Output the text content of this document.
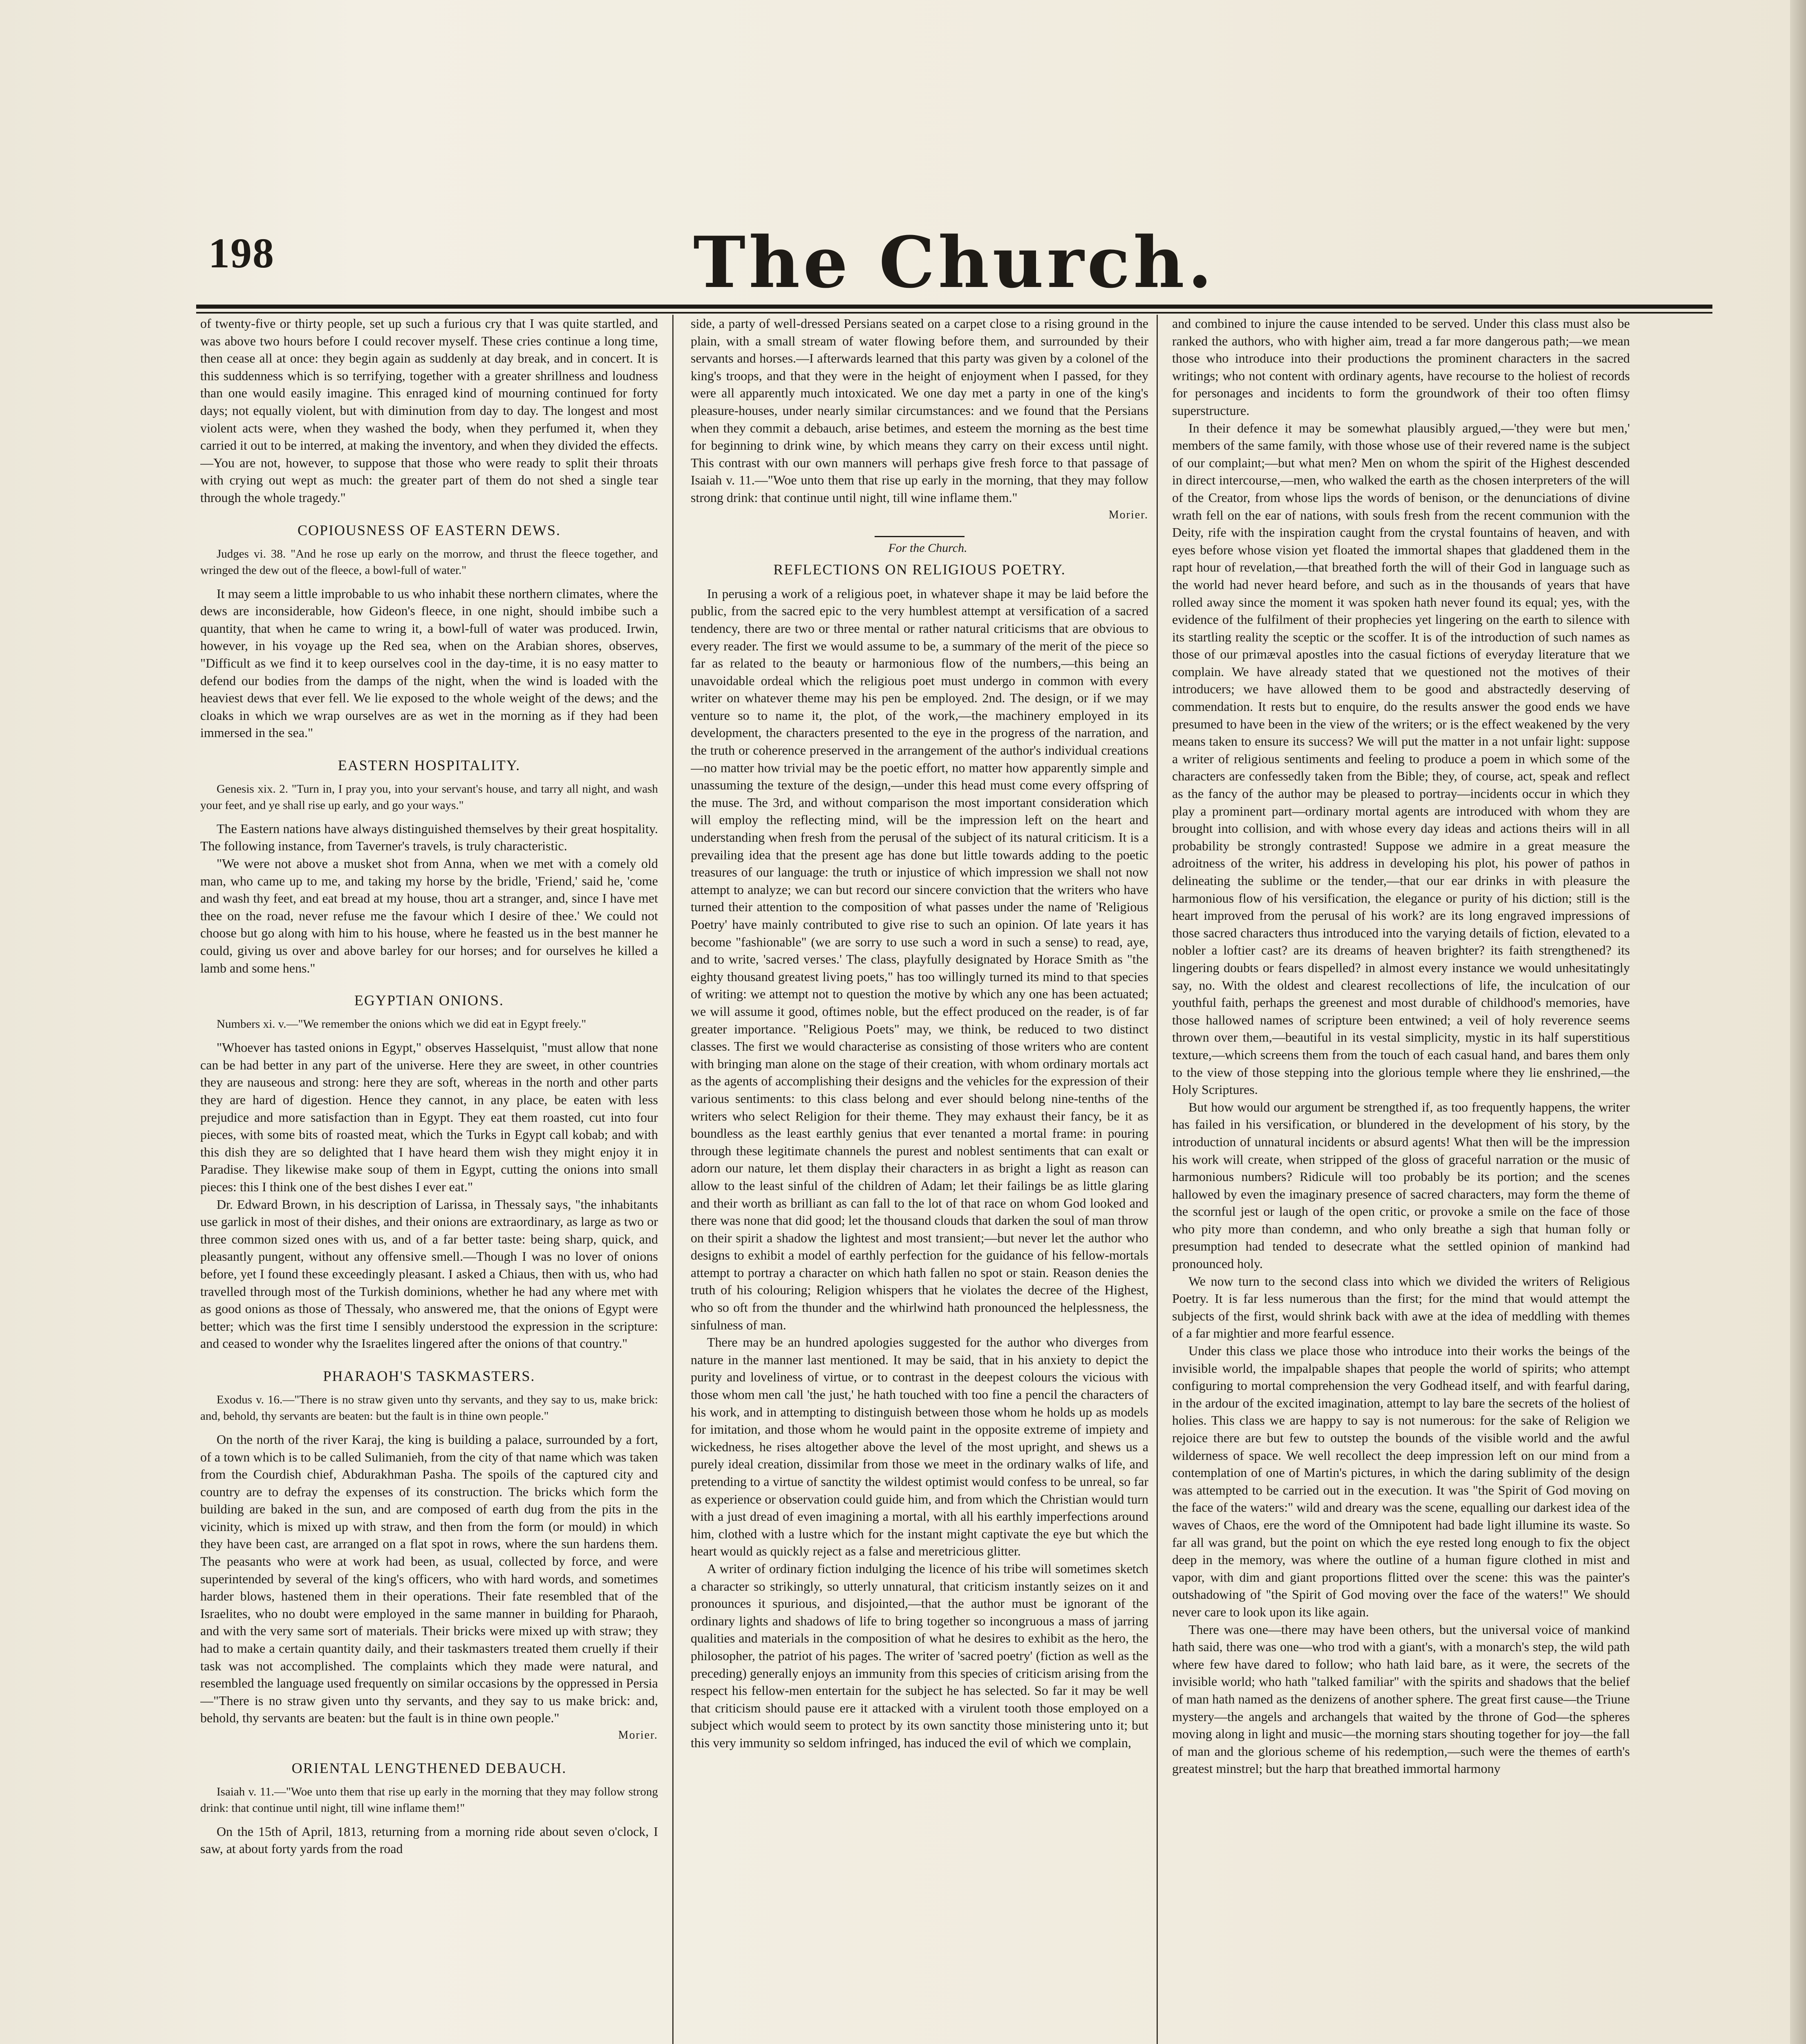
198	The Church.

of twenty-five or thirty people, set up such a furious cry that I was quite startled, and was above two hours before I could recover myself. These cries continue a long time, then cease all at once: they begin again as suddenly at day break, and in concert. It is this suddenness which is so terrifying, together with a greater shrillness and loudness than one would easily imagine. This enraged kind of mourning continued for forty days; not equally violent, but with diminution from day to day. The longest and most violent acts were, when they washed the body, when they perfumed it, when they carried it out to be interred, at making the inventory, and when they divided the effects.—You are not, however, to suppose that those who were ready to split their throats with crying out wept as much: the greater part of them do not shed a single tear through the whole tragedy."

COPIOUSNESS OF EASTERN DEWS.

Judges vi. 38. "And he rose up early on the morrow, and thrust the fleece together, and wringed the dew out of the fleece, a bowl-full of water."

It may seem a little improbable to us who inhabit these northern climates, where the dews are inconsiderable, how Gideon's fleece, in one night, should imbibe such a quantity, that when he came to wring it, a bowl-full of water was produced. Irwin, however, in his voyage up the Red sea, when on the Arabian shores, observes, "Difficult as we find it to keep ourselves cool in the day-time, it is no easy matter to defend our bodies from the damps of the night, when the wind is loaded with the heaviest dews that ever fell. We lie exposed to the whole weight of the dews; and the cloaks in which we wrap ourselves are as wet in the morning as if they had been immersed in the sea."

EASTERN HOSPITALITY.

Genesis xix. 2. "Turn in, I pray you, into your servant's house, and tarry all night, and wash your feet, and ye shall rise up early, and go your ways."

The Eastern nations have always distinguished themselves by their great hospitality. The following instance, from Taverner's travels, is truly characteristic.

"We were not above a musket shot from Anna, when we met with a comely old man, who came up to me, and taking my horse by the bridle, 'Friend,' said he, 'come and wash thy feet, and eat bread at my house, thou art a stranger, and, since I have met thee on the road, never refuse me the favour which I desire of thee.' We could not choose but go along with him to his house, where he feasted us in the best manner he could, giving us over and above barley for our horses; and for ourselves he killed a lamb and some hens."

EGYPTIAN ONIONS.

Numbers xi. v.—"We remember the onions which we did eat in Egypt freely."

"Whoever has tasted onions in Egypt," observes Hasselquist, "must allow that none can be had better in any part of the universe. Here they are sweet, in other countries they are nauseous and strong: here they are soft, whereas in the north and other parts they are hard of digestion. Hence they cannot, in any place, be eaten with less prejudice and more satisfaction than in Egypt. They eat them roasted, cut into four pieces, with some bits of roasted meat, which the Turks in Egypt call kobab; and with this dish they are so delighted that I have heard them wish they might enjoy it in Paradise. They likewise make soup of them in Egypt, cutting the onions into small pieces: this I think one of the best dishes I ever eat."

Dr. Edward Brown, in his description of Larissa, in Thessaly says, "the inhabitants use garlick in most of their dishes, and their onions are extraordinary, as large as two or three common sized ones with us, and of a far better taste: being sharp, quick, and pleasantly pungent, without any offensive smell.—Though I was no lover of onions before, yet I found these exceedingly pleasant. I asked a Chiaus, then with us, who had travelled through most of the Turkish dominions, whether he had any where met with as good onions as those of Thessaly, who answered me, that the onions of Egypt were better; which was the first time I sensibly understood the expression in the scripture: and ceased to wonder why the Israelites lingered after the onions of that country."

PHARAOH'S TASKMASTERS.

Exodus v. 16.—"There is no straw given unto thy servants, and they say to us, make brick: and, behold, thy servants are beaten: but the fault is in thine own people."

On the north of the river Karaj, the king is building a palace, surrounded by a fort, of a town which is to be called Sulimanieh, from the city of that name which was taken from the Courdish chief, Abdurakhman Pasha. The spoils of the captured city and country are to defray the expenses of its construction. The bricks which form the building are baked in the sun, and are composed of earth dug from the pits in the vicinity, which is mixed up with straw, and then from the form (or mould) in which they have been cast, are arranged on a flat spot in rows, where the sun hardens them. The peasants who were at work had been, as usual, collected by force, and were superintended by several of the king's officers, who with hard words, and sometimes harder blows, hastened them in their operations. Their fate resembled that of the Israelites, who no doubt were employed in the same manner in building for Pharaoh, and with the very same sort of materials. Their bricks were mixed up with straw; they had to make a certain quantity daily, and their taskmasters treated them cruelly if their task was not accomplished. The complaints which they made were natural, and resembled the language used frequently on similar occasions by the oppressed in Persia—"There is no straw given unto thy servants, and they say to us make brick: and, behold, thy servants are beaten: but the fault is in thine own people."

Morier.

ORIENTAL LENGTHENED DEBAUCH.

Isaiah v. 11.—"Woe unto them that rise up early in the morning that they may follow strong drink: that continue until night, till wine inflame them!"

On the 15th of April, 1813, returning from a morning ride about seven o'clock, I saw, at about forty yards from the road

side, a party of well-dressed Persians seated on a carpet close to a rising ground in the plain, with a small stream of water flowing before them, and surrounded by their servants and horses.—I afterwards learned that this party was given by a colonel of the king's troops, and that they were in the height of enjoyment when I passed, for they were all apparently much intoxicated. We one day met a party in one of the king's pleasure-houses, under nearly similar circumstances: and we found that the Persians when they commit a debauch, arise betimes, and esteem the morning as the best time for beginning to drink wine, by which means they carry on their excess until night. This contrast with our own manners will perhaps give fresh force to that passage of Isaiah v. 11.—"Woe unto them that rise up early in the morning, that they may follow strong drink: that continue until night, till wine inflame them."

Morier.

For the Church.

REFLECTIONS ON RELIGIOUS POETRY.

In perusing a work of a religious poet, in whatever shape it may be laid before the public, from the sacred epic to the very humblest attempt at versification of a sacred tendency, there are two or three mental or rather natural criticisms that are obvious to every reader. The first we would assume to be, a summary of the merit of the piece so far as related to the beauty or harmonious flow of the numbers,—this being an unavoidable ordeal which the religious poet must undergo in common with every writer on whatever theme may his pen be employed. 2nd. The design, or if we may venture so to name it, the plot, of the work,—the machinery employed in its development, the characters presented to the eye in the progress of the narration, and the truth or coherence preserved in the arrangement of the author's individual creations—no matter how trivial may be the poetic effort, no matter how apparently simple and unassuming the texture of the design,—under this head must come every offspring of the muse. The 3rd, and without comparison the most important consideration which will employ the reflecting mind, will be the impression left on the heart and understanding when fresh from the perusal of the subject of its natural criticism. It is a prevailing idea that the present age has done but little towards adding to the poetic treasures of our language: the truth or injustice of which impression we shall not now attempt to analyze; we can but record our sincere conviction that the writers who have turned their attention to the composition of what passes under the name of 'Religious Poetry' have mainly contributed to give rise to such an opinion. Of late years it has become "fashionable" (we are sorry to use such a word in such a sense) to read, aye, and to write, 'sacred verses.' The class, playfully designated by Horace Smith as "the eighty thousand greatest living poets," has too willingly turned its mind to that species of writing: we attempt not to question the motive by which any one has been actuated; we will assume it good, oftimes noble, but the effect produced on the reader, is of far greater importance. "Religious Poets" may, we think, be reduced to two distinct classes. The first we would characterise as consisting of those writers who are content with bringing man alone on the stage of their creation, with whom ordinary mortals act as the agents of accomplishing their designs and the vehicles for the expression of their various sentiments: to this class belong and ever should belong nine-tenths of the writers who select Religion for their theme. They may exhaust their fancy, be it as boundless as the least earthly genius that ever tenanted a mortal frame: in pouring through these legitimate channels the purest and noblest sentiments that can exalt or adorn our nature, let them display their characters in as bright a light as reason can allow to the least sinful of the children of Adam; let their failings be as little glaring and their worth as brilliant as can fall to the lot of that race on whom God looked and there was none that did good; let the thousand clouds that darken the soul of man throw on their spirit a shadow the lightest and most transient;—but never let the author who designs to exhibit a model of earthly perfection for the guidance of his fellow-mortals attempt to portray a character on which hath fallen no spot or stain. Reason denies the truth of his colouring; Religion whispers that he violates the decree of the Highest, who so oft from the thunder and the whirlwind hath pronounced the helplessness, the sinfulness of man.

There may be an hundred apologies suggested for the author who diverges from nature in the manner last mentioned. It may be said, that in his anxiety to depict the purity and loveliness of virtue, or to contrast in the deepest colours the vicious with those whom men call 'the just,' he hath touched with too fine a pencil the characters of his work, and in attempting to distinguish between those whom he holds up as models for imitation, and those whom he would paint in the opposite extreme of impiety and wickedness, he rises altogether above the level of the most upright, and shews us a purely ideal creation, dissimilar from those we meet in the ordinary walks of life, and pretending to a virtue of sanctity the wildest optimist would confess to be unreal, so far as experience or observation could guide him, and from which the Christian would turn with a just dread of even imagining a mortal, with all his earthly imperfections around him, clothed with a lustre which for the instant might captivate the eye but which the heart would as quickly reject as a false and meretricious glitter.

A writer of ordinary fiction indulging the licence of his tribe will sometimes sketch a character so strikingly, so utterly unnatural, that criticism instantly seizes on it and pronounces it spurious, and disjointed,—that the author must be ignorant of the ordinary lights and shadows of life to bring together so incongruous a mass of jarring qualities and materials in the composition of what he desires to exhibit as the hero, the philosopher, the patriot of his pages. The writer of 'sacred poetry' (fiction as well as the preceding) generally enjoys an immunity from this species of criticism arising from the respect his fellow-men entertain for the subject he has selected. So far it may be well that criticism should pause ere it attacked with a virulent tooth those employed on a subject which would seem to protect by its own sanctity those ministering unto it; but this very immunity so seldom infringed, has induced the evil of which we complain,

and combined to injure the cause intended to be served. Under this class must also be ranked the authors, who with higher aim, tread a far more dangerous path;—we mean those who introduce into their productions the prominent characters in the sacred writings; who not content with ordinary agents, have recourse to the holiest of records for personages and incidents to form the groundwork of their too often flimsy superstructure.

In their defence it may be somewhat plausibly argued,—'they were but men,' members of the same family, with those whose use of their revered name is the subject of our complaint;—but what men? Men on whom the spirit of the Highest descended in direct intercourse,—men, who walked the earth as the chosen interpreters of the will of the Creator, from whose lips the words of benison, or the denunciations of divine wrath fell on the ear of nations, with souls fresh from the recent communion with the Deity, rife with the inspiration caught from the crystal fountains of heaven, and with eyes before whose vision yet floated the immortal shapes that gladdened them in the rapt hour of revelation,—that breathed forth the will of their God in language such as the world had never heard before, and such as in the thousands of years that have rolled away since the moment it was spoken hath never found its equal; yes, with the evidence of the fulfilment of their prophecies yet lingering on the earth to silence with its startling reality the sceptic or the scoffer. It is of the introduction of such names as those of our primæval apostles into the casual fictions of everyday literature that we complain. We have already stated that we questioned not the motives of their introducers; we have allowed them to be good and abstractedly deserving of commendation. It rests but to enquire, do the results answer the good ends we have presumed to have been in the view of the writers; or is the effect weakened by the very means taken to ensure its success? We will put the matter in a not unfair light: suppose a writer of religious sentiments and feeling to produce a poem in which some of the characters are confessedly taken from the Bible; they, of course, act, speak and reflect as the fancy of the author may be pleased to portray—incidents occur in which they play a prominent part—ordinary mortal agents are introduced with whom they are brought into collision, and with whose every day ideas and actions theirs will in all probability be strongly contrasted! Suppose we admire in a great measure the adroitness of the writer, his address in developing his plot, his power of pathos in delineating the sublime or the tender,—that our ear drinks in with pleasure the harmonious flow of his versification, the elegance or purity of his diction; still is the heart improved from the perusal of his work? are its long engraved impressions of those sacred characters thus introduced into the varying details of fiction, elevated to a nobler a loftier cast? are its dreams of heaven brighter? its faith strengthened? its lingering doubts or fears dispelled? in almost every instance we would unhesitatingly say, no. With the oldest and clearest recollections of life, the inculcation of our youthful faith, perhaps the greenest and most durable of childhood's memories, have those hallowed names of scripture been entwined; a veil of holy reverence seems thrown over them,—beautiful in its vestal simplicity, mystic in its half superstitious texture,—which screens them from the touch of each casual hand, and bares them only to the view of those stepping into the glorious temple where they lie enshrined,—the Holy Scriptures.

But how would our argument be strengthed if, as too frequently happens, the writer has failed in his versification, or blundered in the development of his story, by the introduction of unnatural incidents or absurd agents! What then will be the impression his work will create, when stripped of the gloss of graceful narration or the music of harmonious numbers? Ridicule will too probably be its portion; and the scenes hallowed by even the imaginary presence of sacred characters, may form the theme of the scornful jest or laugh of the open critic, or provoke a smile on the face of those who pity more than condemn, and who only breathe a sigh that human folly or presumption had tended to desecrate what the settled opinion of mankind had pronounced holy.

We now turn to the second class into which we divided the writers of Religious Poetry. It is far less numerous than the first; for the mind that would attempt the subjects of the first, would shrink back with awe at the idea of meddling with themes of a far mightier and more fearful essence.

Under this class we place those who introduce into their works the beings of the invisible world, the impalpable shapes that people the world of spirits; who attempt configuring to mortal comprehension the very Godhead itself, and with fearful daring, in the ardour of the excited imagination, attempt to lay bare the secrets of the holiest of holies. This class we are happy to say is not numerous: for the sake of Religion we rejoice there are but few to outstep the bounds of the visible world and the awful wilderness of space. We well recollect the deep impression left on our mind from a contemplation of one of Martin's pictures, in which the daring sublimity of the design was attempted to be carried out in the execution. It was "the Spirit of God moving on the face of the waters:" wild and dreary was the scene, equalling our darkest idea of the waves of Chaos, ere the word of the Omnipotent had bade light illumine its waste. So far all was grand, but the point on which the eye rested long enough to fix the object deep in the memory, was where the outline of a human figure clothed in mist and vapor, with dim and giant proportions flitted over the scene: this was the painter's outshadowing of "the Spirit of God moving over the face of the waters!" We should never care to look upon its like again.

There was one—there may have been others, but the universal voice of mankind hath said, there was one—who trod with a giant's, with a monarch's step, the wild path where few have dared to follow; who hath laid bare, as it were, the secrets of the invisible world; who hath "talked familiar" with the spirits and shadows that the belief of man hath named as the denizens of another sphere. The great first cause—the Triune mystery—the angels and archangels that waited by the throne of God—the spheres moving along in light and music—the morning stars shouting together for joy—the fall of man and the glorious scheme of his redemption,—such were the themes of earth's greatest minstrel; but the harp that breathed immortal harmony
